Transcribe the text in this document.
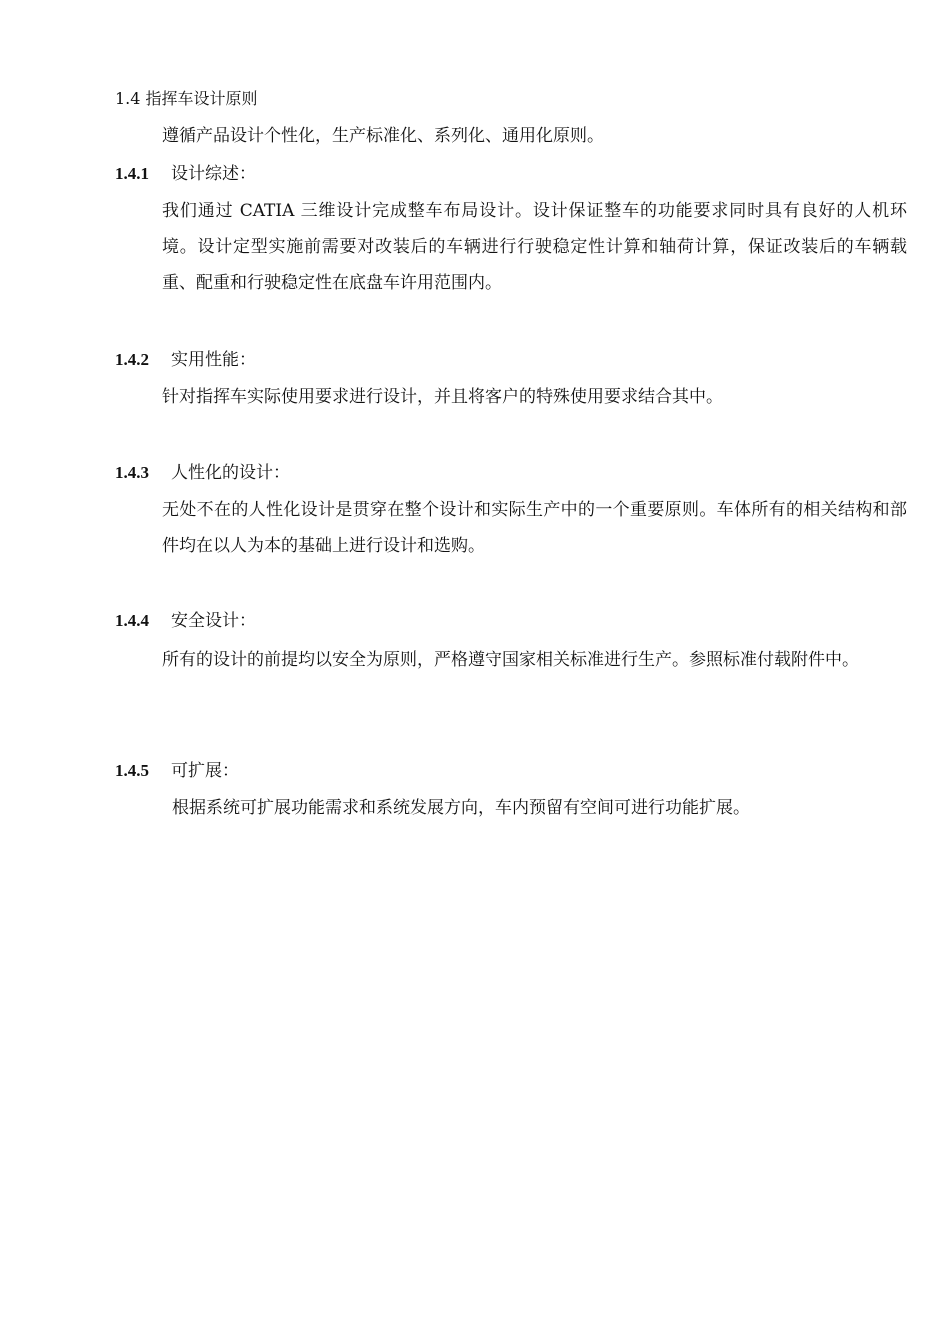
1.4 指挥车设计原则
遵循产品设计个性化，生产标准化、系列化、通用化原则。
1.4.1 设计综述：
我们通过 CATIA 三维设计完成整车布局设计。设计保证整车的功能要求同时具有良好的人机环境。设计定型实施前需要对改装后的车辆进行行驶稳定性计算和轴荷计算，保证改装后的车辆载重、配重和行驶稳定性在底盘车许用范围内。
1.4.2 实用性能：
针对指挥车实际使用要求进行设计，并且将客户的特殊使用要求结合其中。
1.4.3 人性化的设计：
无处不在的人性化设计是贯穿在整个设计和实际生产中的一个重要原则。车体所有的相关结构和部件均在以人为本的基础上进行设计和选购。
1.4.4 安全设计：
所有的设计的前提均以安全为原则，严格遵守国家相关标准进行生产。参照标准付载附件中。
1.4.5 可扩展：
根据系统可扩展功能需求和系统发展方向，车内预留有空间可进行功能扩展。
